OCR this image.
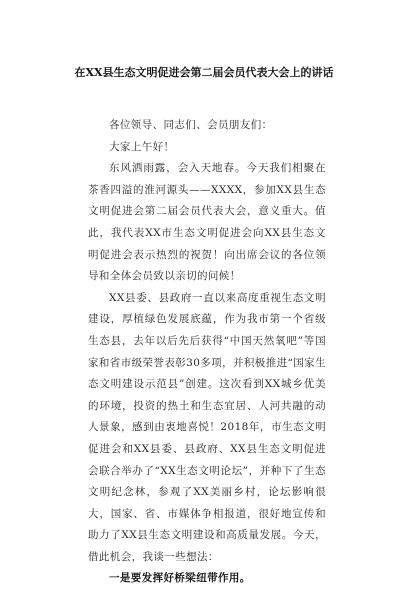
在XX县生态文明促进会第二届会员代表大会上的讲话

各位领导、同志们、会员朋友们：

大家上午好！

东风洒雨露，会入天地春。今天我们相聚在茶香四溢的淮河源头——XXXX，参加XX县生态文明促进会第二届会员代表大会，意义重大。值此，我代表XX市生态文明促进会向XX县生态文明促进会表示热烈的祝贺！向出席会议的各位领导和全体会员致以亲切的问候！

XX县委、县政府一直以来高度重视生态文明建设，厚植绿色发展底蕴，作为我市第一个省级生态县，去年以后先后获得“中国天然氧吧”等国家和省市级荣誉表彰30多项，并积极推进“国家生态文明建设示范县”创建。这次看到XX城乡优美的环境，投资的热土和生态宜居、人河共融的动人景象，感到由衷地喜悦！2018年，市生态文明促进会和XX县委、县政府、XX县生态文明促进会联合举办了“XX生态文明论坛”，并种下了生态文明纪念林，参观了XX美丽乡村，论坛影响很大，国家、省、市媒体争相报道，很好地宣传和助力了XX县生态文明建设和高质量发展。今天，借此机会，我谈一些想法：

一是要发挥好桥梁纽带作用。
